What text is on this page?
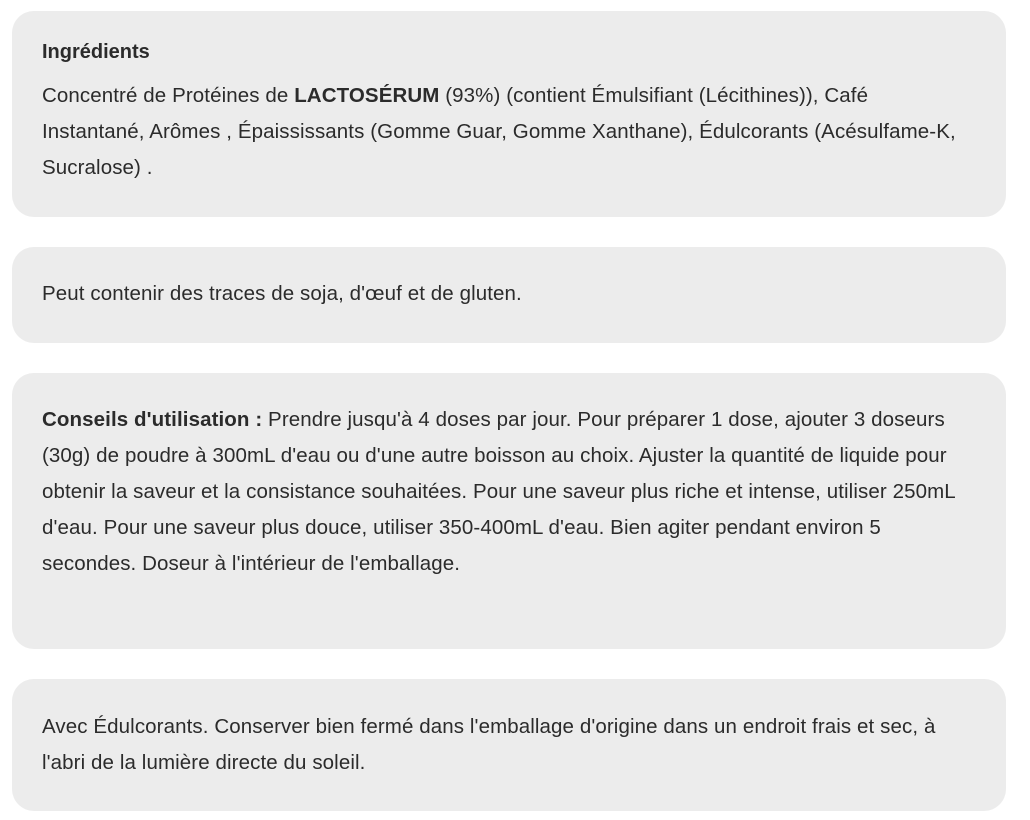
Ingrédients

Concentré de Protéines de LACTOSÉRUM (93%) (contient Émulsifiant (Lécithines)), Café Instantané, Arômes , Épaississants (Gomme Guar, Gomme Xanthane), Édulcorants (Acésulfame-K, Sucralose) .

Peut contenir des traces de soja, d'œuf et de gluten.

Conseils d'utilisation : Prendre jusqu'à 4 doses par jour. Pour préparer 1 dose, ajouter 3 doseurs (30g) de poudre à 300mL d'eau ou d'une autre boisson au choix. Ajuster la quantité de liquide pour obtenir la saveur et la consistance souhaitées. Pour une saveur plus riche et intense, utiliser 250mL d'eau. Pour une saveur plus douce, utiliser 350-400mL d'eau. Bien agiter pendant environ 5 secondes. Doseur à l'intérieur de l'emballage.

Avec Édulcorants. Conserver bien fermé dans l'emballage d'origine dans un endroit frais et sec, à l'abri de la lumière directe du soleil.
